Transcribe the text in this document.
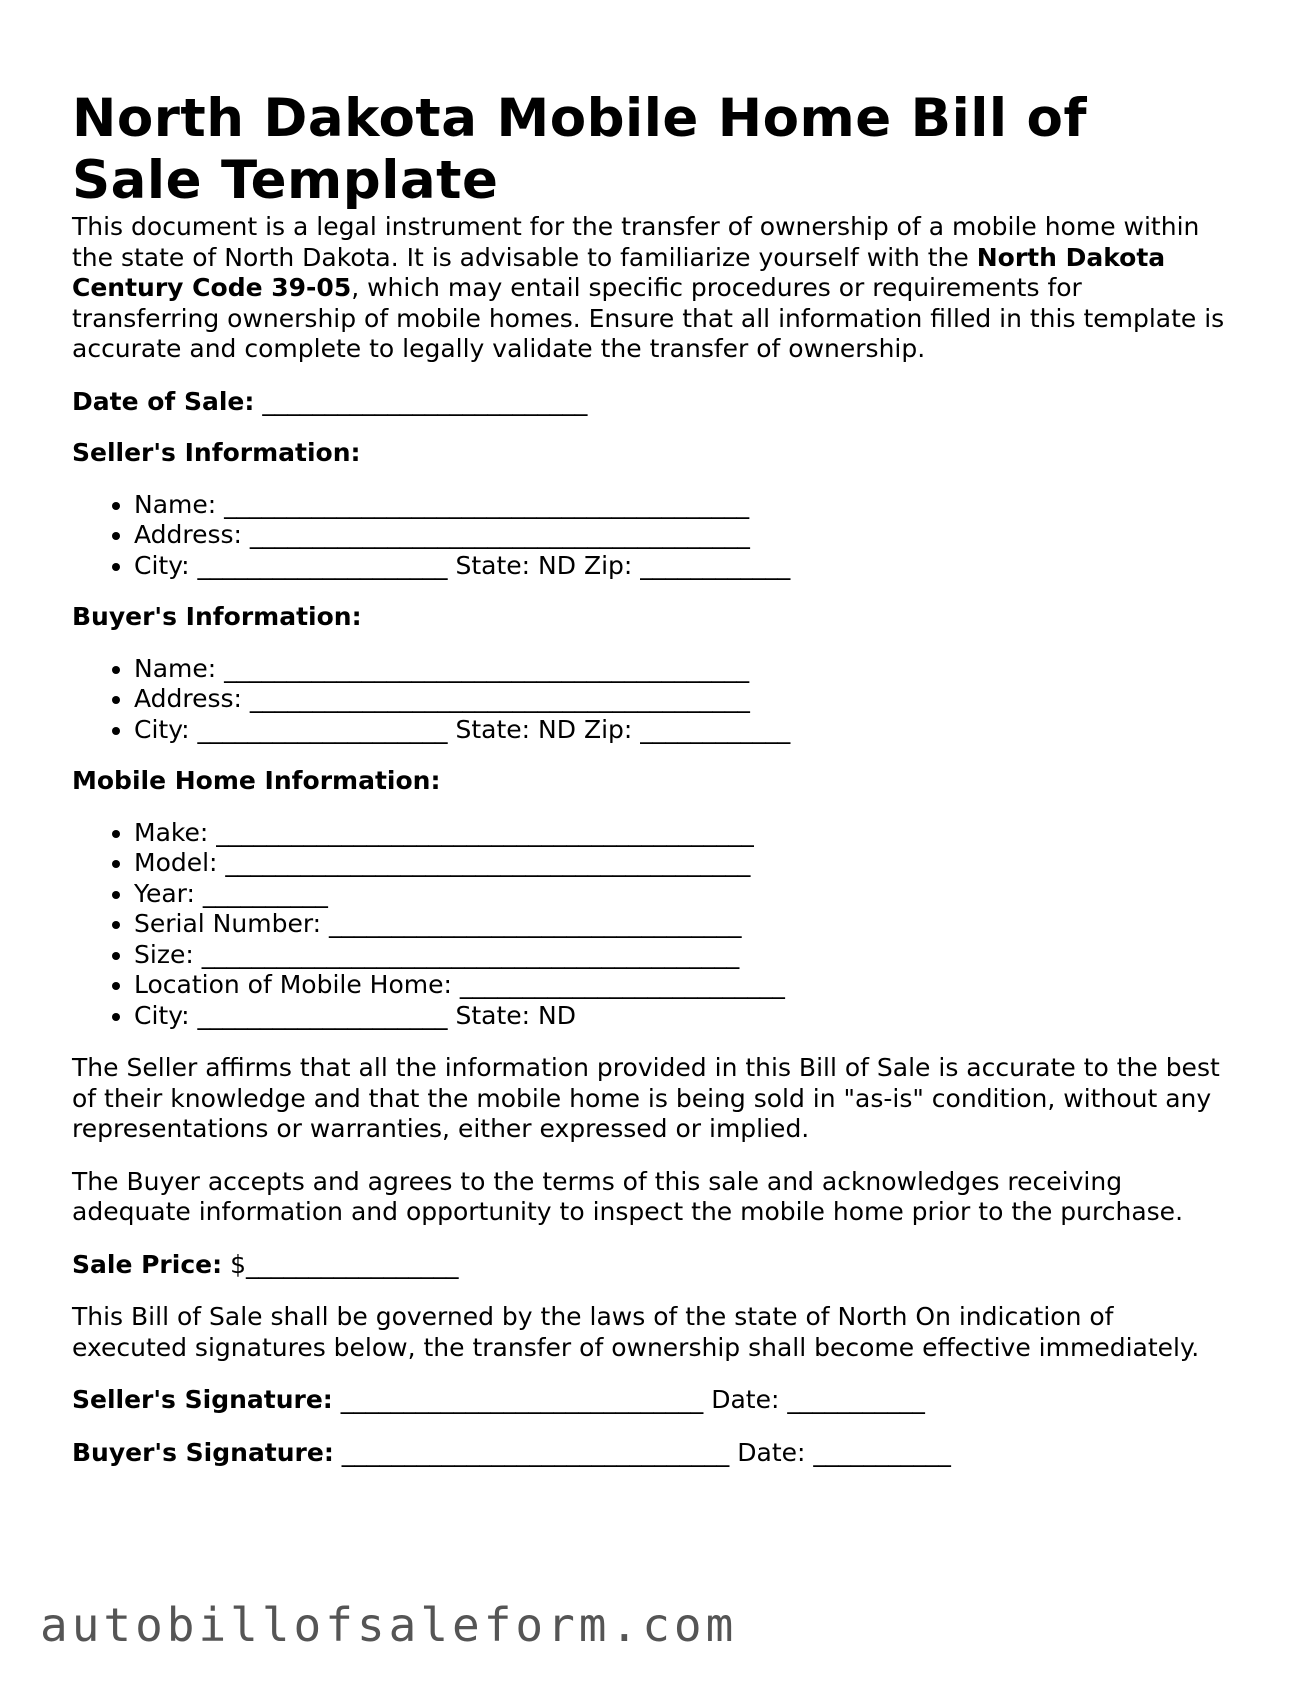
North Dakota Mobile Home Bill of Sale Template

This document is a legal instrument for the transfer of ownership of a mobile home within the state of North Dakota. It is advisable to familiarize yourself with the North Dakota Century Code 39-05, which may entail specific procedures or requirements for transferring ownership of mobile homes. Ensure that all information filled in this template is accurate and complete to legally validate the transfer of ownership.

Date of Sale: __________________________

Seller's Information:

• Name: __________________________________________
• Address: ________________________________________
• City: ____________________ State: ND Zip: ____________

Buyer's Information:

• Name: __________________________________________
• Address: ________________________________________
• City: ____________________ State: ND Zip: ____________

Mobile Home Information:

• Make: ___________________________________________
• Model: __________________________________________
• Year: __________
• Serial Number: _________________________________
• Size: ___________________________________________
• Location of Mobile Home: __________________________
• City: ____________________ State: ND

The Seller affirms that all the information provided in this Bill of Sale is accurate to the best of their knowledge and that the mobile home is being sold in "as-is" condition, without any representations or warranties, either expressed or implied.

The Buyer accepts and agrees to the terms of this sale and acknowledges receiving adequate information and opportunity to inspect the mobile home prior to the purchase.

Sale Price: $_________________

This Bill of Sale shall be governed by the laws of the state of North On indication of executed signatures below, the transfer of ownership shall become effective immediately.

Seller's Signature: _____________________________ Date: ___________

Buyer's Signature: _______________________________ Date: ___________

autobillofsaleform.com
